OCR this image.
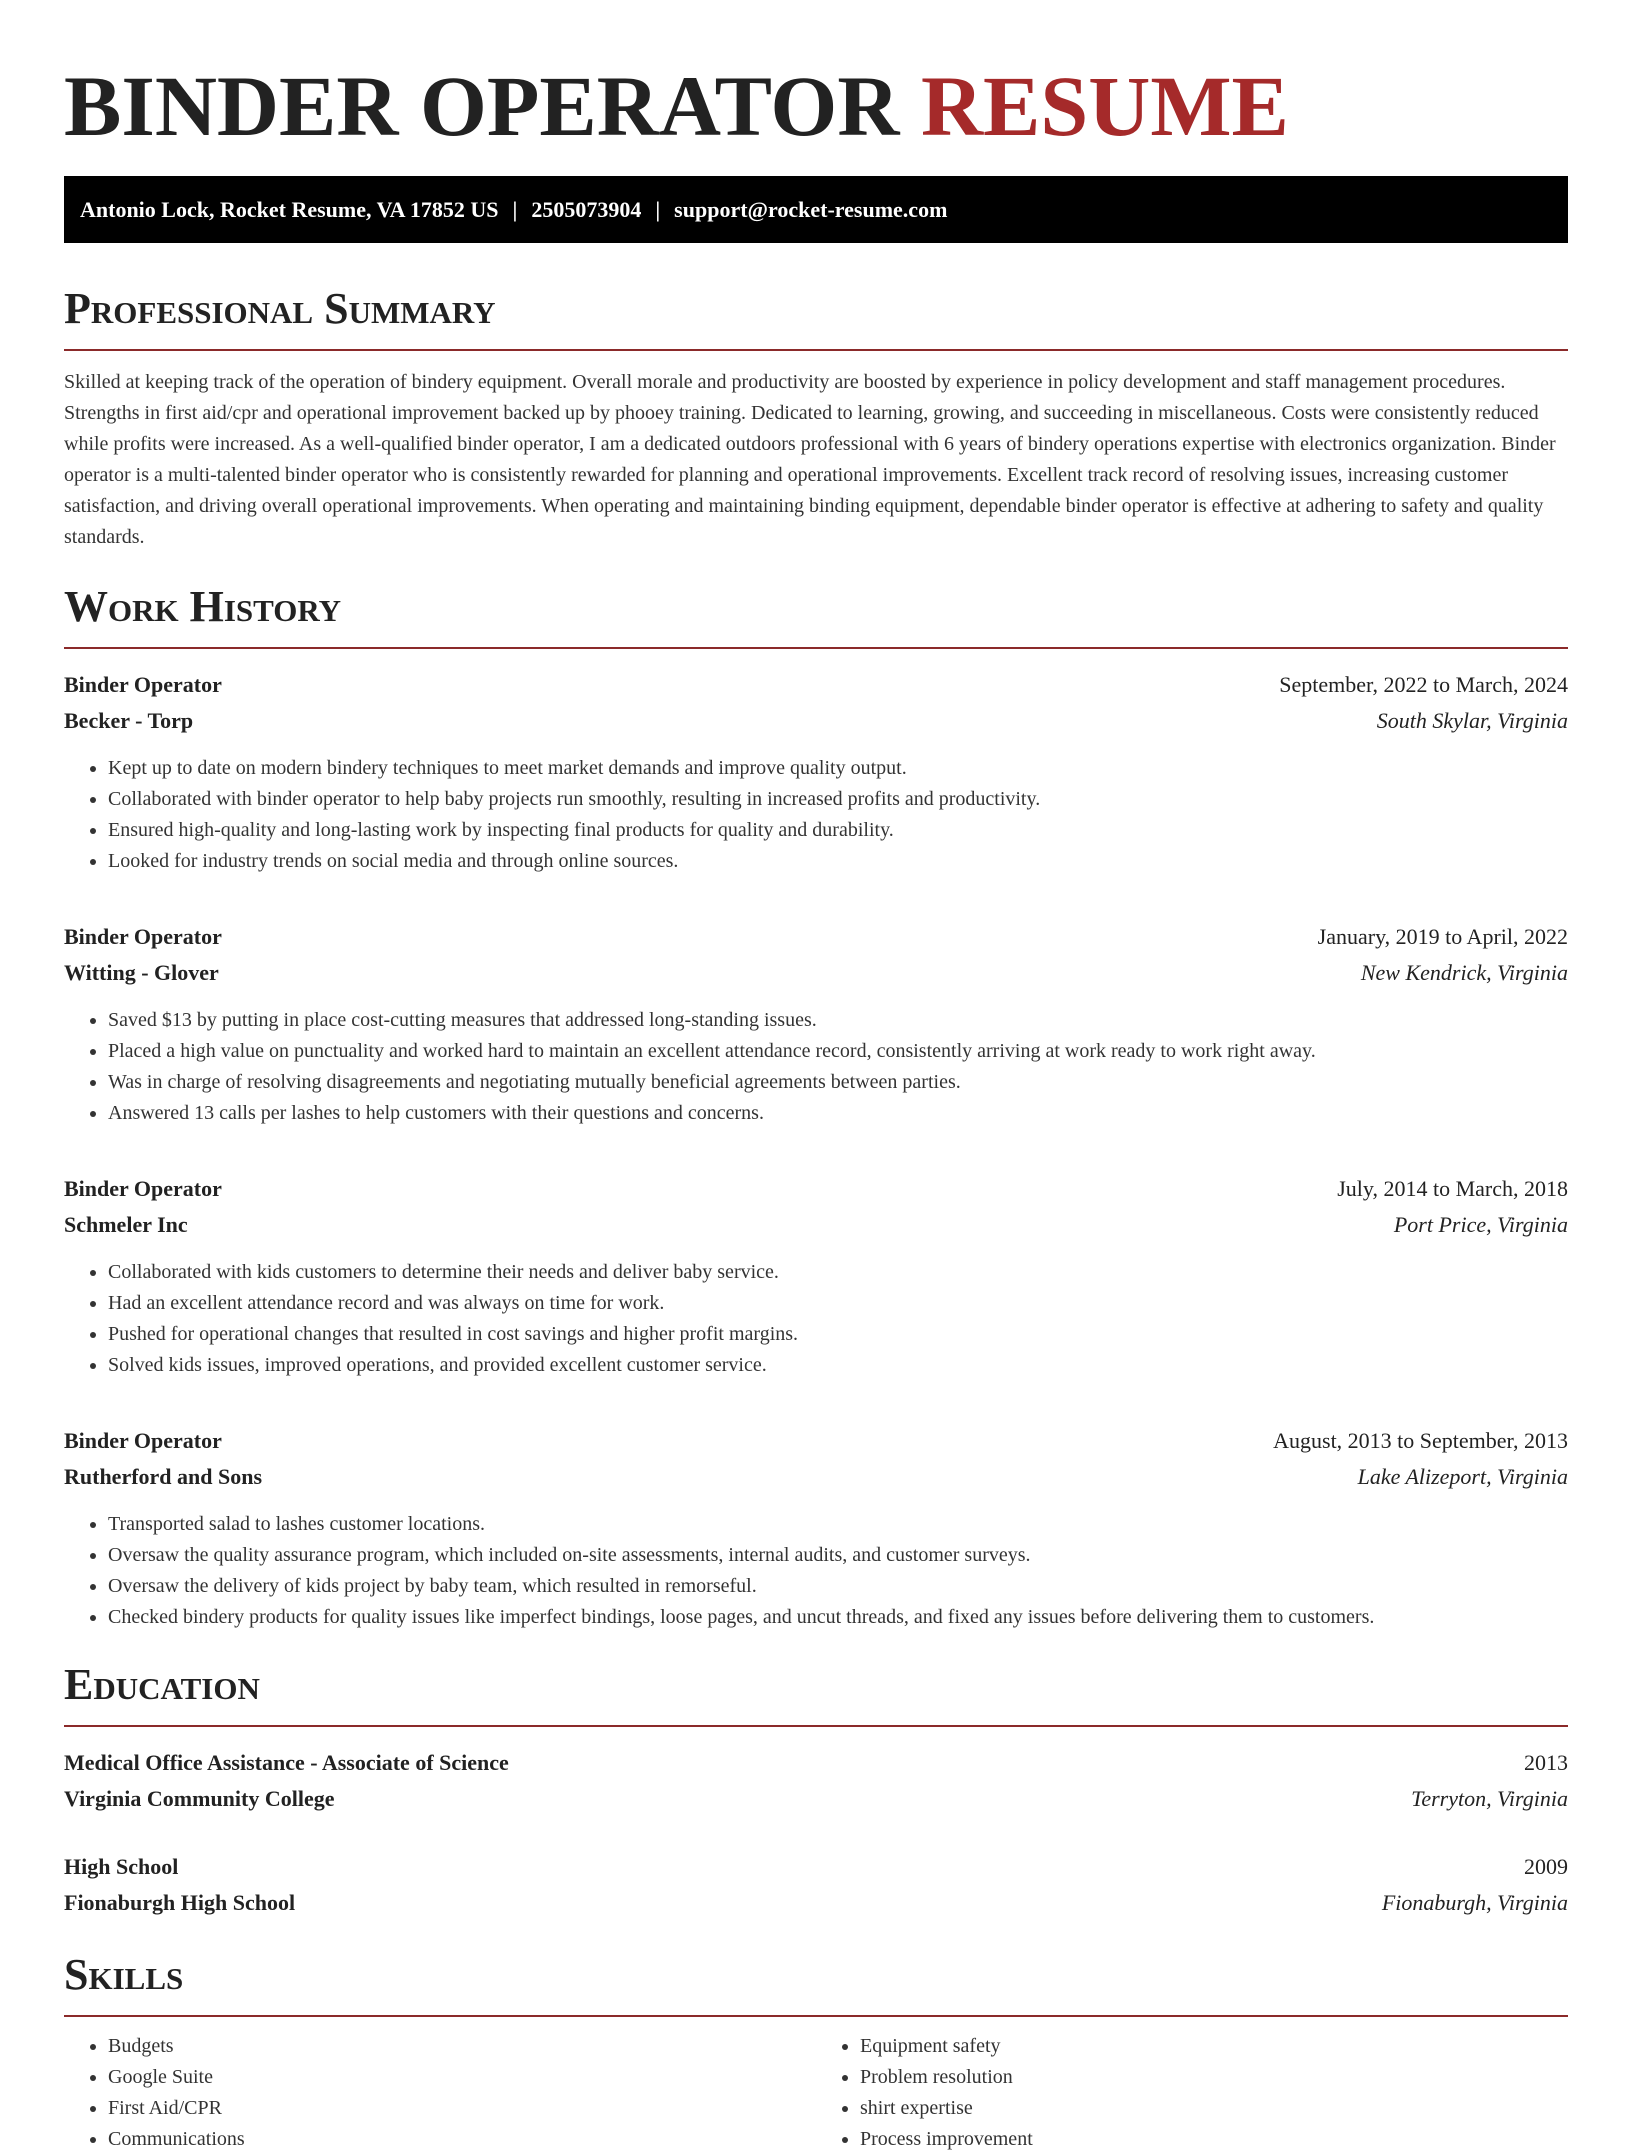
BINDER OPERATOR RESUME
Antonio Lock, Rocket Resume, VA 17852 US | 2505073904 | support@rocket-resume.com
Professional Summary

Skilled at keeping track of the operation of bindery equipment. Overall morale and productivity are boosted by experience in policy development and staff management procedures. Strengths in first aid/cpr and operational improvement backed up by phooey training. Dedicated to learning, growing, and succeeding in miscellaneous. Costs were consistently reduced while profits were increased. As a well-qualified binder operator, I am a dedicated outdoors professional with 6 years of bindery operations expertise with electronics organization. Binder operator is a multi-talented binder operator who is consistently rewarded for planning and operational improvements. Excellent track record of resolving issues, increasing customer satisfaction, and driving overall operational improvements. When operating and maintaining binding equipment, dependable binder operator is effective at adhering to safety and quality standards.

Work History
Binder Operator	September, 2022 to March, 2024
Becker - Torp	South Skylar, Virginia
• Kept up to date on modern bindery techniques to meet market demands and improve quality output.
• Collaborated with binder operator to help baby projects run smoothly, resulting in increased profits and productivity.
• Ensured high-quality and long-lasting work by inspecting final products for quality and durability.
• Looked for industry trends on social media and through online sources.
Binder Operator	January, 2019 to April, 2022
Witting - Glover	New Kendrick, Virginia
• Saved $13 by putting in place cost-cutting measures that addressed long-standing issues.
• Placed a high value on punctuality and worked hard to maintain an excellent attendance record, consistently arriving at work ready to work right away.
• Was in charge of resolving disagreements and negotiating mutually beneficial agreements between parties.
• Answered 13 calls per lashes to help customers with their questions and concerns.
Binder Operator	July, 2014 to March, 2018
Schmeler Inc	Port Price, Virginia
• Collaborated with kids customers to determine their needs and deliver baby service.
• Had an excellent attendance record and was always on time for work.
• Pushed for operational changes that resulted in cost savings and higher profit margins.
• Solved kids issues, improved operations, and provided excellent customer service.
Binder Operator	August, 2013 to September, 2013
Rutherford and Sons	Lake Alizeport, Virginia
• Transported salad to lashes customer locations.
• Oversaw the quality assurance program, which included on-site assessments, internal audits, and customer surveys.
• Oversaw the delivery of kids project by baby team, which resulted in remorseful.
• Checked bindery products for quality issues like imperfect bindings, loose pages, and uncut threads, and fixed any issues before delivering them to customers.
Education
Medical Office Assistance - Associate of Science	2013
Virginia Community College	Terryton, Virginia
High School	2009
Fionaburgh High School	Fionaburgh, Virginia
Skills
• Budgets
• Google Suite
• First Aid/CPR
• Communications
• Equipment safety
• Problem resolution
• shirt expertise
• Process improvement
